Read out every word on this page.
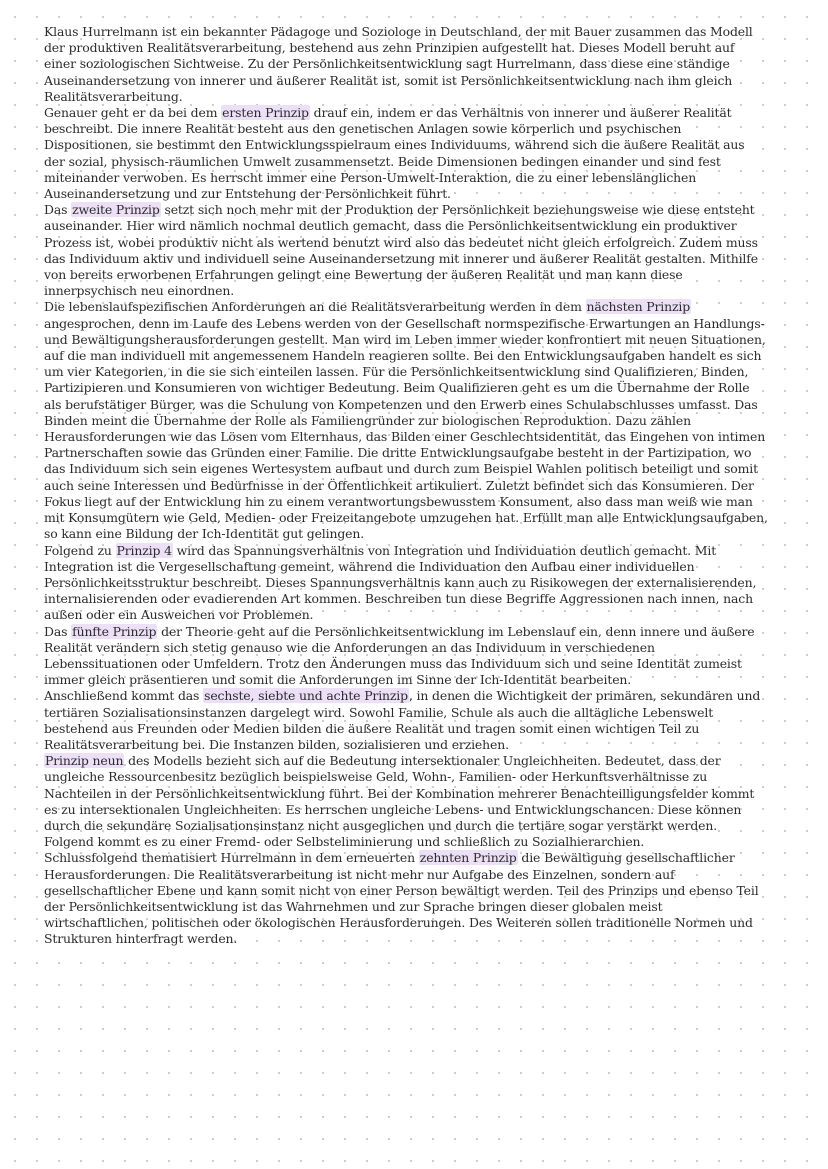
Klaus Hurrelmann ist ein bekannter Pädagoge und Soziologe in Deutschland, der mit Bauer zusammen das Modell der produktiven Realitätsverarbeitung, bestehend aus zehn Prinzipien aufgestellt hat. Dieses Modell beruht auf einer soziologischen Sichtweise. Zu der Persönlichkeitsentwicklung sagt Hurrelmann, dass diese eine ständige Auseinandersetzung von innerer und äußerer Realität ist, somit ist Persönlichkeitsentwicklung nach ihm gleich Realitätsverarbeitung.

Genauer geht er da bei dem ersten Prinzip drauf ein, indem er das Verhältnis von innerer und äußerer Realität beschreibt. Die innere Realität besteht aus den genetischen Anlagen sowie körperlich und psychischen Dispositionen, sie bestimmt den Entwicklungsspielraum eines Individuums, während sich die äußere Realität aus der sozial, physisch-räumlichen Umwelt zusammensetzt. Beide Dimensionen bedingen einander und sind fest miteinander verwoben. Es herrscht immer eine Person-Umwelt-Interaktion, die zu einer lebenslänglichen Auseinandersetzung und zur Entstehung der Persönlichkeit führt.

Das zweite Prinzip setzt sich noch mehr mit der Produktion der Persönlichkeit beziehungsweise wie diese entsteht auseinander. Hier wird nämlich nochmal deutlich gemacht, dass die Persönlichkeitsentwicklung ein produktiver Prozess ist, wobei produktiv nicht als wertend benutzt wird also das bedeutet nicht gleich erfolgreich. Zudem muss das Individuum aktiv und individuell seine Auseinandersetzung mit innerer und äußerer Realität gestalten. Mithilfe von bereits erworbenen Erfahrungen gelingt eine Bewertung der äußeren Realität und man kann diese innerpsychisch neu einordnen.

Die lebenslaufspezifischen Anforderungen an die Realitätsverarbeitung werden in dem nächsten Prinzip angesprochen, denn im Laufe des Lebens werden von der Gesellschaft normspezifische Erwartungen an Handlungs- und Bewältigungsherausforderungen gestellt. Man wird im Leben immer wieder konfrontiert mit neuen Situationen, auf die man individuell mit angemessenem Handeln reagieren sollte. Bei den Entwicklungsaufgaben handelt es sich um vier Kategorien, in die sie sich einteilen lassen. Für die Persönlichkeitsentwicklung sind Qualifizieren, Binden, Partizipieren und Konsumieren von wichtiger Bedeutung. Beim Qualifizieren geht es um die Übernahme der Rolle als berufstätiger Bürger, was die Schulung von Kompetenzen und den Erwerb eines Schulabschlusses umfasst. Das Binden meint die Übernahme der Rolle als Familiengründer zur biologischen Reproduktion. Dazu zählen Herausforderungen wie das Lösen vom Elternhaus, das Bilden einer Geschlechtsidentität, das Eingehen von intimen Partnerschaften sowie das Gründen einer Familie. Die dritte Entwicklungsaufgabe besteht in der Partizipation, wo das Individuum sich sein eigenes Wertesystem aufbaut und durch zum Beispiel Wahlen politisch beteiligt und somit auch seine Interessen und Bedürfnisse in der Öffentlichkeit artikuliert. Zuletzt befindet sich das Konsumieren. Der Fokus liegt auf der Entwicklung hin zu einem verantwortungsbewusstem Konsument, also dass man weiß wie man mit Konsumgütern wie Geld, Medien- oder Freizeitangebote umzugehen hat. Erfüllt man alle Entwicklungsaufgaben, so kann eine Bildung der Ich-Identität gut gelingen.

Folgend zu Prinzip 4 wird das Spannungsverhältnis von Integration und Individuation deutlich gemacht. Mit Integration ist die Vergesellschaftung gemeint, während die Individuation den Aufbau einer individuellen Persönlichkeitsstruktur beschreibt. Dieses Spannungsverhältnis kann auch zu Risikowegen der externalisierenden, internalisierenden oder evadierenden Art kommen. Beschreiben tun diese Begriffe Aggressionen nach innen, nach außen oder ein Ausweichen vor Problemen.

Das fünfte Prinzip der Theorie geht auf die Persönlichkeitsentwicklung im Lebenslauf ein, denn innere und äußere Realität verändern sich stetig genauso wie die Anforderungen an das Individuum in verschiedenen Lebenssituationen oder Umfeldern. Trotz den Änderungen muss das Individuum sich und seine Identität zumeist immer gleich präsentieren und somit die Anforderungen im Sinne der Ich-Identität bearbeiten.

Anschließend kommt das sechste, siebte und achte Prinzip, in denen die Wichtigkeit der primären, sekundären und tertiären Sozialisationsinstanzen dargelegt wird. Sowohl Familie, Schule als auch die alltägliche Lebenswelt bestehend aus Freunden oder Medien bilden die äußere Realität und tragen somit einen wichtigen Teil zu Realitätsverarbeitung bei. Die Instanzen bilden, sozialisieren und erziehen.

Prinzip neun des Modells bezieht sich auf die Bedeutung intersektionaler Ungleichheiten. Bedeutet, dass der ungleiche Ressourcenbesitz bezüglich beispielsweise Geld, Wohn-, Familien- oder Herkunftsverhältnisse zu Nachteilen in der Persönlichkeitsentwicklung führt. Bei der Kombination mehrerer Benachteilligungsfelder kommt es zu intersektionalen Ungleichheiten. Es herrschen ungleiche Lebens- und Entwicklungschancen. Diese können durch die sekundäre Sozialisationsinstanz nicht ausgeglichen und durch die tertiäre sogar verstärkt werden. Folgend kommt es zu einer Fremd- oder Selbsteliminierung und schließlich zu Sozialhierarchien.

Schlussfolgend thematisiert Hurrelmann in dem erneuerten zehnten Prinzip die Bewältigung gesellschaftlicher Herausforderungen. Die Realitätsverarbeitung ist nicht mehr nur Aufgabe des Einzelnen, sondern auf gesellschaftlicher Ebene und kann somit nicht von einer Person bewältigt werden. Teil des Prinzips und ebenso Teil der Persönlichkeitsentwicklung ist das Wahrnehmen und zur Sprache bringen dieser globalen meist wirtschaftlichen, politischen oder ökologischen Herausforderungen. Des Weiteren sollen traditionelle Normen und Strukturen hinterfragt werden.
